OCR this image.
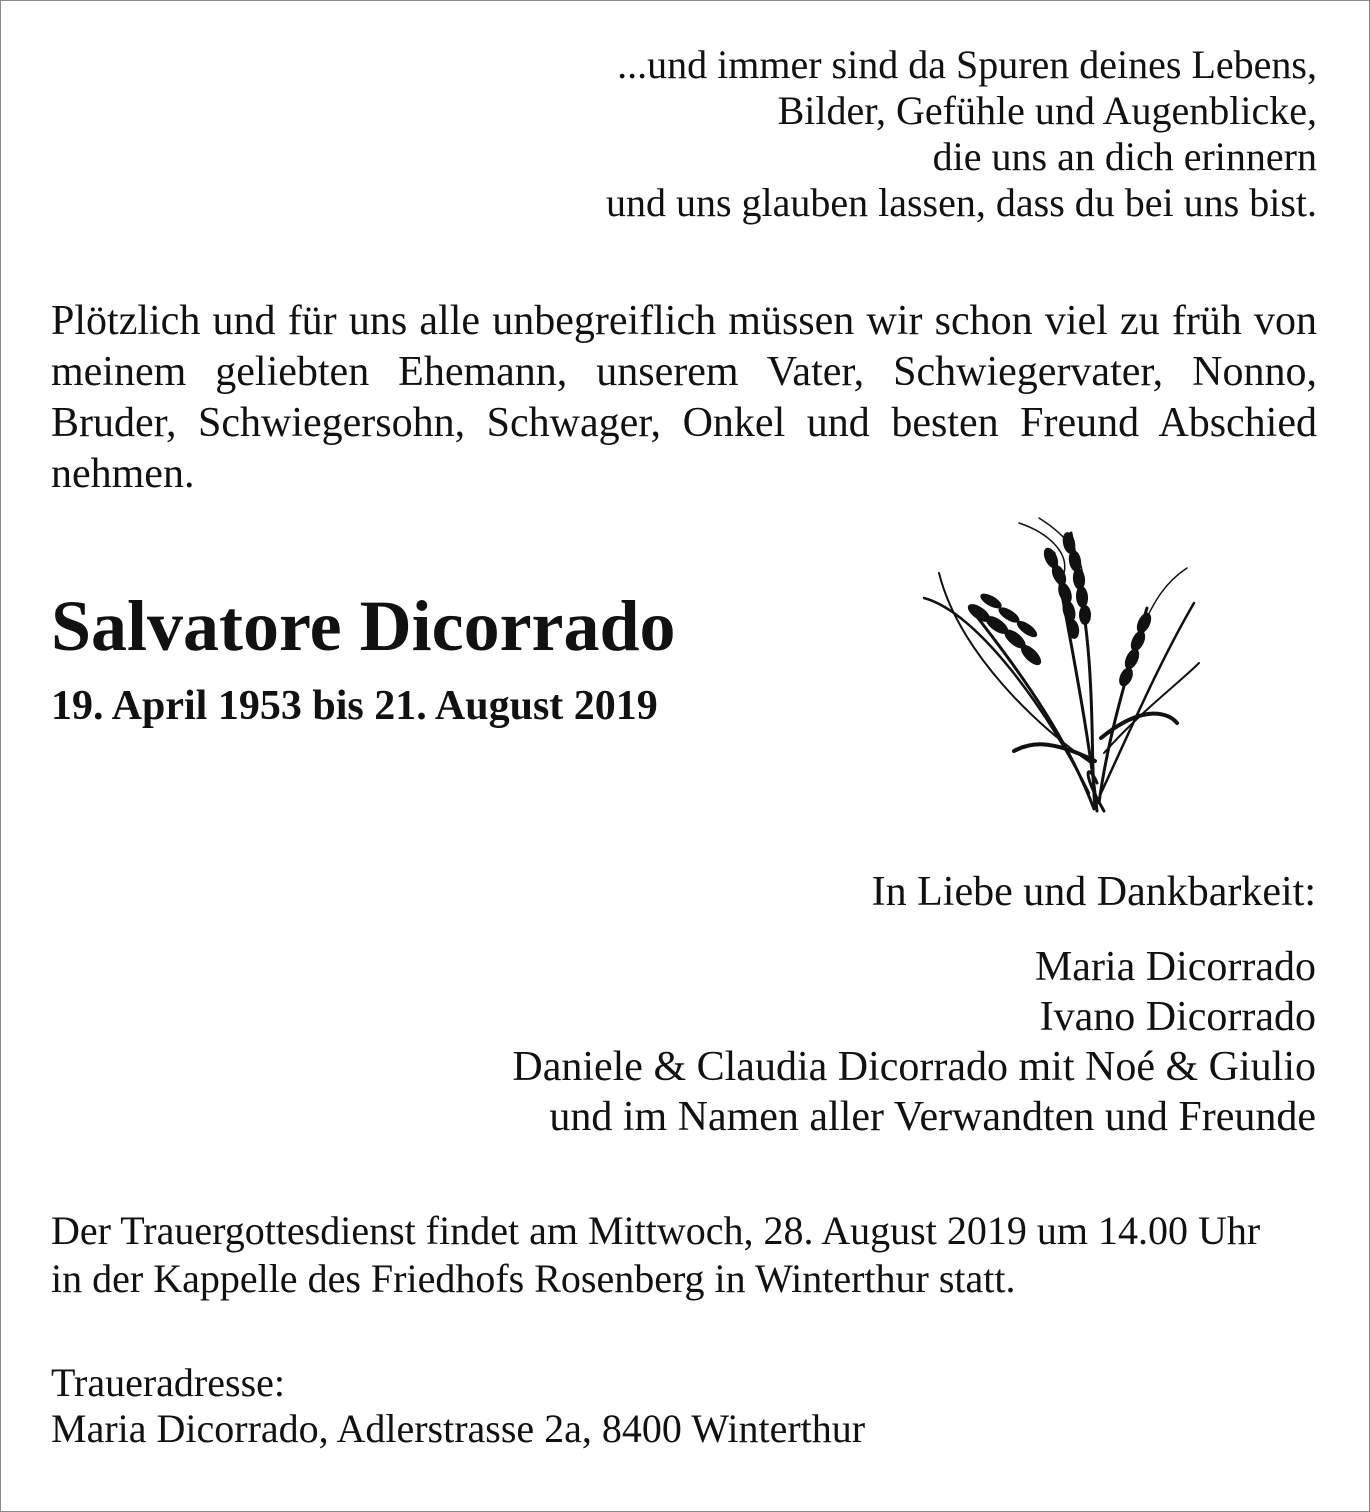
...und immer sind da Spuren deines Lebens,
Bilder, Gefühle und Augenblicke,
die uns an dich erinnern
und uns glauben lassen, dass du bei uns bist.
Plötzlich und für uns alle unbegreiflich müssen wir schon viel zu früh von meinem geliebten Ehemann, unserem Vater, Schwiegervater, Nonno, Bruder, Schwiegersohn, Schwager, Onkel und besten Freund Abschied nehmen.
Salvatore Dicorrado
19. April 1953 bis 21. August 2019
In Liebe und Dankbarkeit:
Maria Dicorrado
Ivano Dicorrado
Daniele & Claudia Dicorrado mit Noé & Giulio
und im Namen aller Verwandten und Freunde
Der Trauergottesdienst findet am Mittwoch, 28. August 2019 um 14.00 Uhr
in der Kappelle des Friedhofs Rosenberg in Winterthur statt.
Traueradresse:
Maria Dicorrado, Adlerstrasse 2a, 8400 Winterthur
